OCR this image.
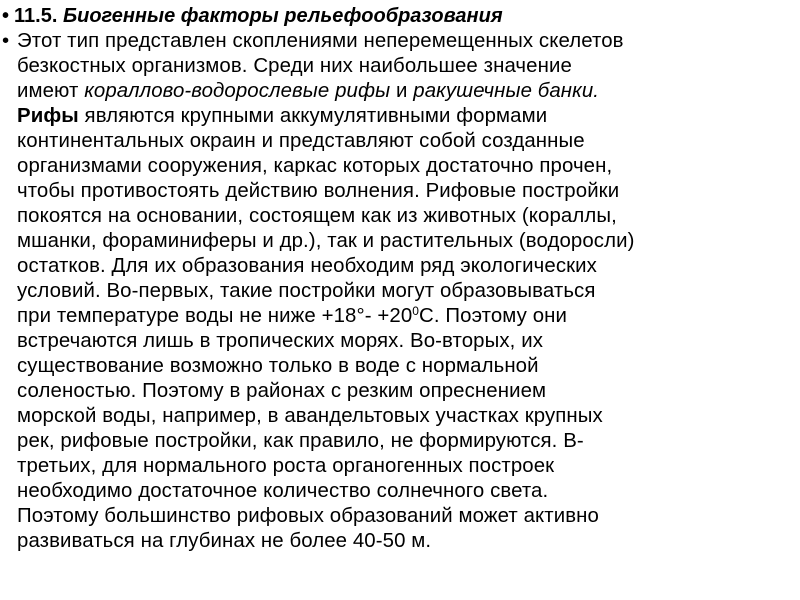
• 11.5. Биогенные факторы рельефообразования
• Этот тип представлен скоплениями неперемещенных скелетов
безкостных организмов. Среди них наибольшее значение
имеют кораллово-водорослевые рифы и ракушечные банки.
Рифы являются крупными аккумулятивными формами
континентальных окраин и представляют собой созданные
организмами сооружения, каркас которых достаточно прочен,
чтобы противостоять действию волнения. Рифовые постройки
покоятся на основании, состоящем как из животных (кораллы,
мшанки, фораминиферы и др.), так и растительных (водоросли)
остатков. Для их образования необходим ряд экологических
условий. Во-первых, такие постройки могут образовываться
при температуре воды не ниже $+18^\circ- +20^0С$. Поэтому они
встречаются лишь в тропических морях. Во-вторых, их
существование возможно только в воде с нормальной
соленостью. Поэтому в районах с резким опреснением
морской воды, например, в авандельтовых участках крупных
рек, рифовые постройки, как правило, не формируются. В-
третьих, для нормального роста органогенных построек
необходимо достаточное количество солнечного света.
Поэтому большинство рифовых образований может активно
развиваться на глубинах не более 40-50 м.
